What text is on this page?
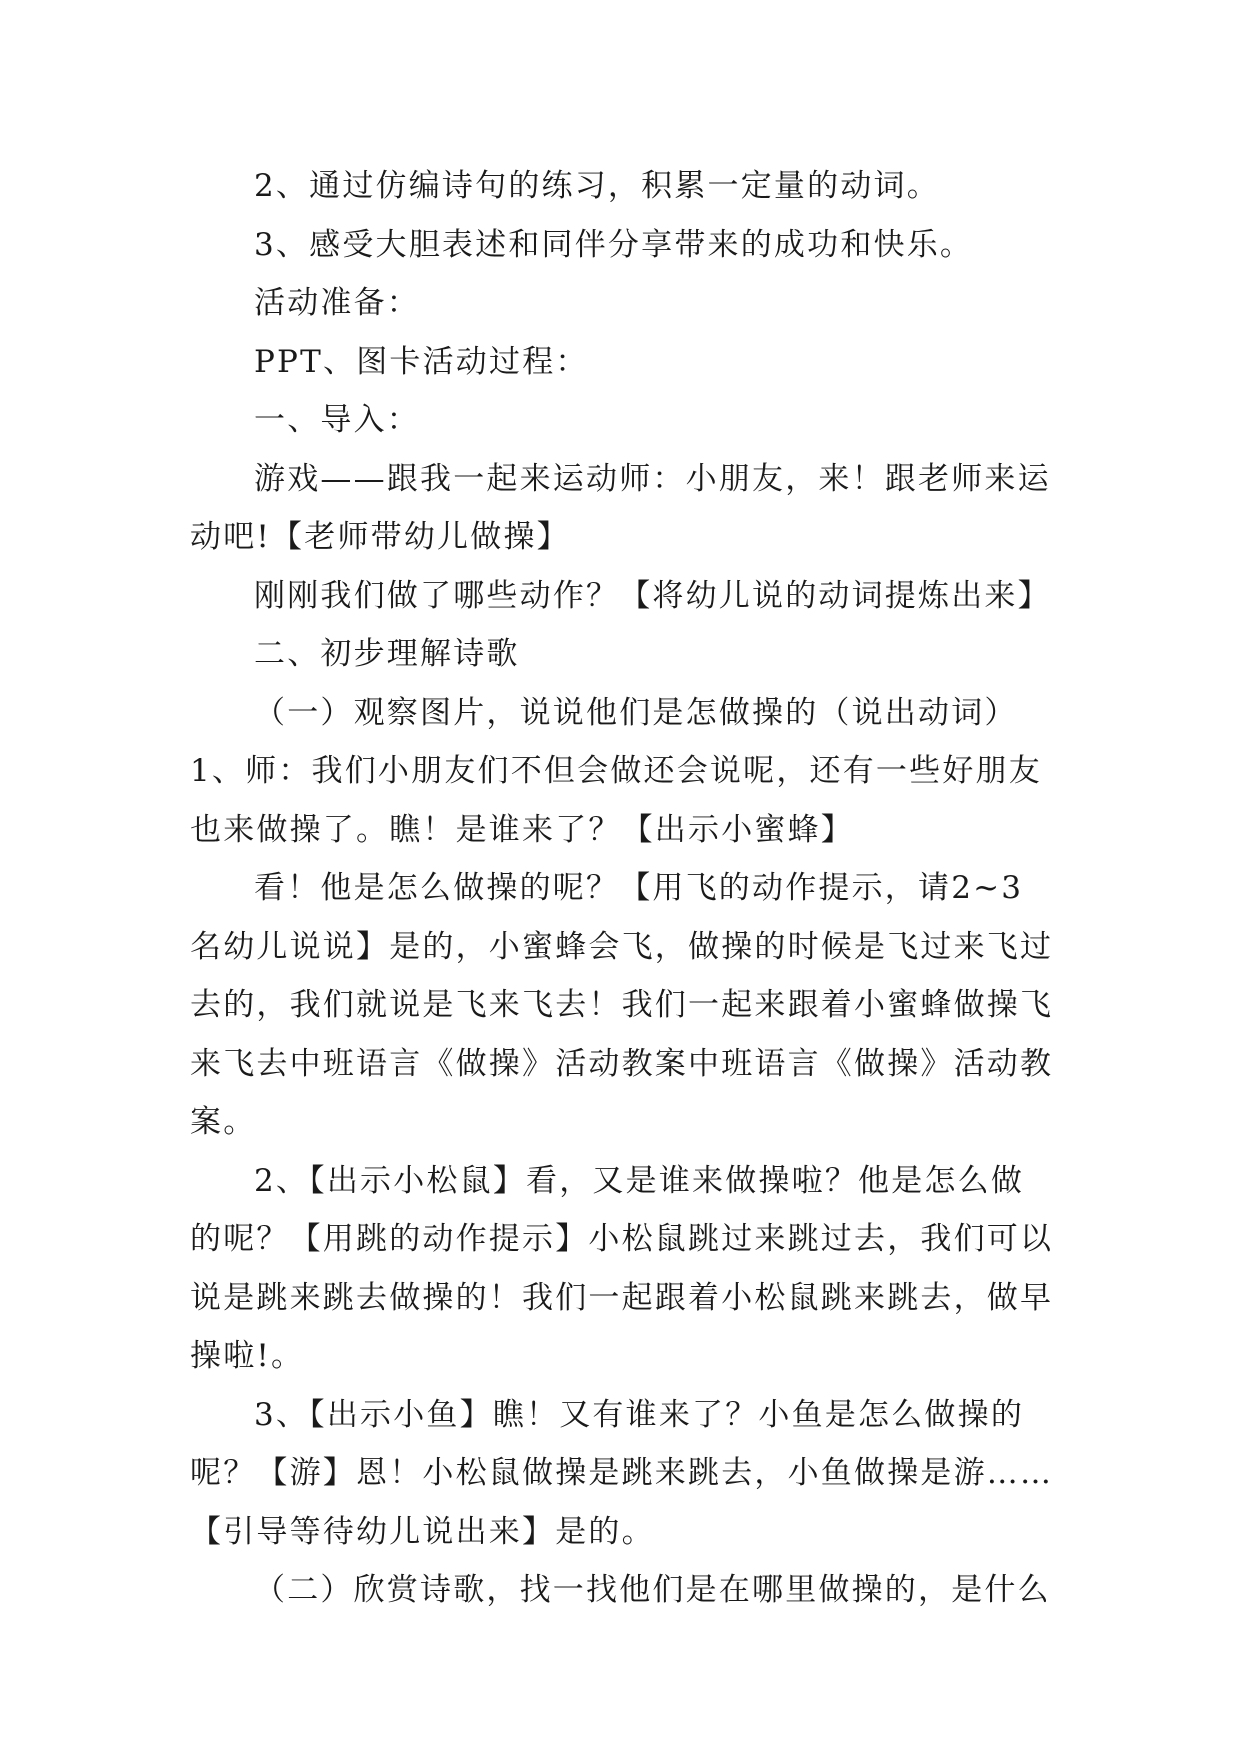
2、通过仿编诗句的练习，积累一定量的动词。

3、感受大胆表述和同伴分享带来的成功和快乐。

活动准备：

PPT、图卡活动过程：

一、导入：

游戏——跟我一起来运动师：小朋友，来！跟老师来运动吧!【老师带幼儿做操】

刚刚我们做了哪些动作？【将幼儿说的动词提炼出来】

二、初步理解诗歌

（一）观察图片，说说他们是怎做操的（说出动词）1、师：我们小朋友们不但会做还会说呢，还有一些好朋友也来做操了。瞧！是谁来了？【出示小蜜蜂】

看！他是怎么做操的呢？【用飞的动作提示，请2~3名幼儿说说】是的，小蜜蜂会飞，做操的时候是飞过来飞过去的，我们就说是飞来飞去！我们一起来跟着小蜜蜂做操飞来飞去中班语言《做操》活动教案中班语言《做操》活动教案。

2、【出示小松鼠】看，又是谁来做操啦？他是怎么做的呢？【用跳的动作提示】小松鼠跳过来跳过去，我们可以说是跳来跳去做操的！我们一起跟着小松鼠跳来跳去，做早操啦!。

3、【出示小鱼】瞧！又有谁来了？小鱼是怎么做操的呢？【游】恩！小松鼠做操是跳来跳去，小鱼做操是游……【引导等待幼儿说出来】是的。

（二）欣赏诗歌，找一找他们是在哪里做操的，是什么
